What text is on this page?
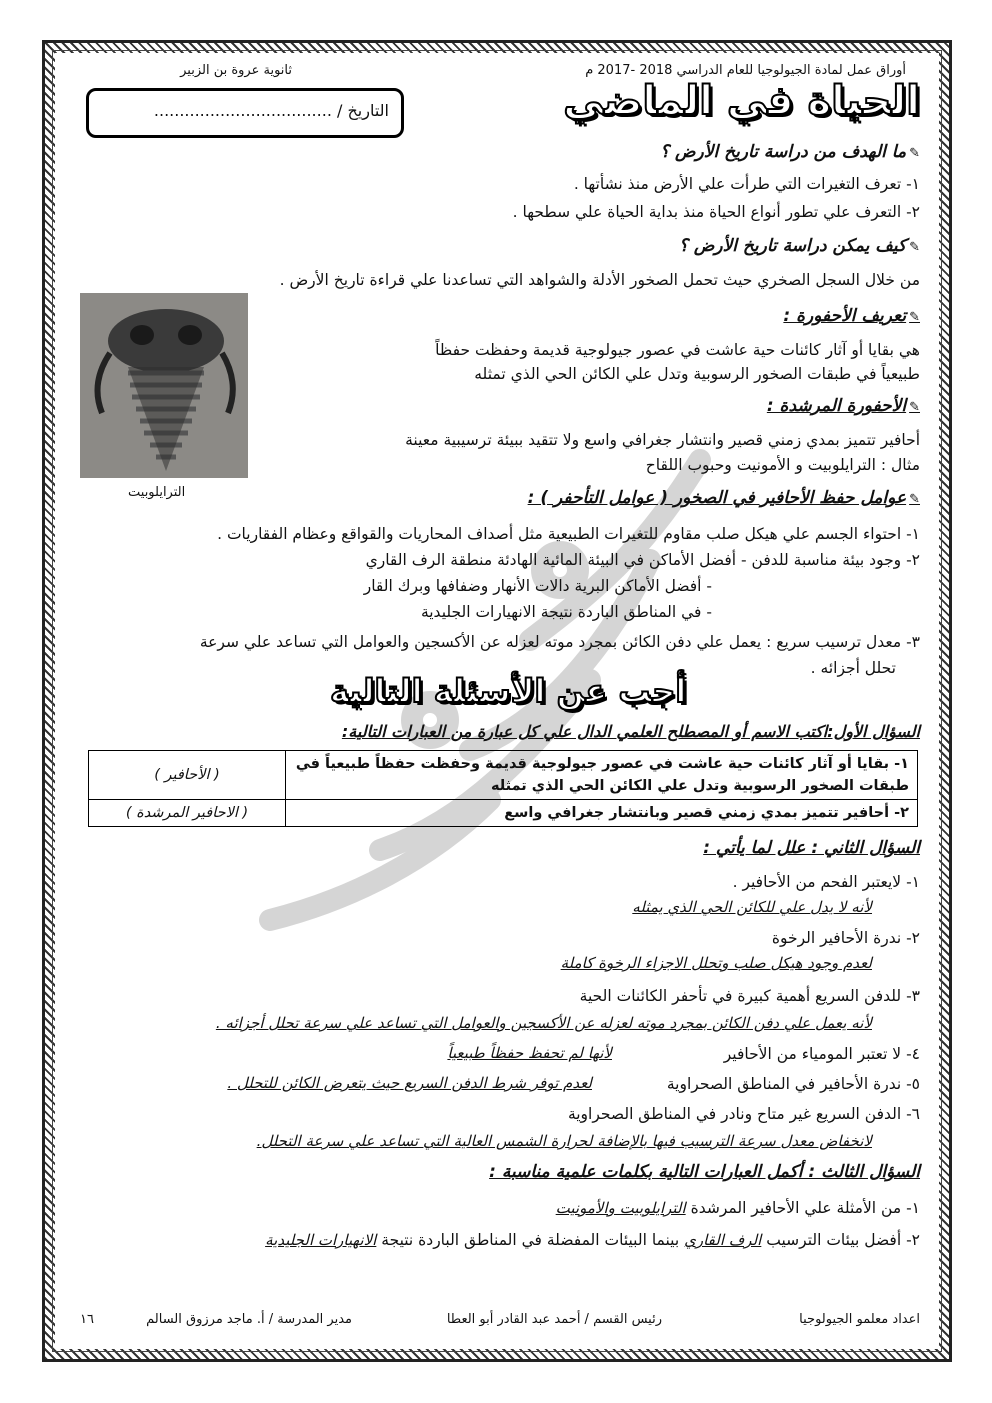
ثانوية عروة بن الزبير	أوراق عمل لمادة الجيولوجيا للعام الدراسي 2018 -2017 م
الحياة في الماضي
التاريخ / ...................................
✎ما الهدف من دراسة تاريخ الأرض ؟
١- تعرف التغيرات التي طرأت علي الأرض منذ نشأتها .
٢- التعرف علي تطور أنواع الحياة منذ بداية الحياة علي سطحها .
✎كيف يمكن دراسة تاريخ الأرض ؟
من خلال السجل الصخري حيث تحمل الصخور الأدلة والشواهد التي تساعدنا علي قراءة تاريخ الأرض .
الترايلوبيت
✎تعريف الأحفورة :
هي بقايا أو آثار كائنات حية عاشت في عصور جيولوجية قديمة وحفظت حفظاً
طبيعياً في طبقات الصخور الرسوبية وتدل علي الكائن الحي الذي تمثله
✎الأحفورة المرشدة :
أحافير تتميز بمدي زمني قصير وانتشار جغرافي واسع ولا تتقيد ببيئة ترسيبية معينة
مثال : الترايلوبيت و الأمونيت وحبوب اللقاح
✎عوامل حفظ الأحافير في الصخور ( عوامل التأحفر ) :
١- احتواء الجسم علي هيكل صلب مقاوم للتغيرات الطبيعية مثل أصداف المحاريات والقواقع وعظام الفقاريات .
٢- وجود بيئة مناسبة للدفن - أفضل الأماكن في البيئة المائية الهادئة منطقة الرف القاري
- أفضل الأماكن البرية دالات الأنهار وضفافها وبرك القار
- في المناطق الباردة نتيجة الانهيارات الجليدية
٣- معدل ترسيب سريع : يعمل علي دفن الكائن بمجرد موته لعزله عن الأكسجين والعوامل التي تساعد علي سرعة
تحلل أجزائه .
أجب عن الأسئلة التالية
السؤال الأول:اكتب الاسم أو المصطلح العلمي الدال علي كل عبارة من العبارات التالية:
١- بقايا أو آثار كائنات حية عاشت في عصور جيولوجية قديمة وحفظت حفظاً طبيعياً في طبقات الصخور الرسوبية وتدل علي الكائن الحي الذي تمثله	( الأحافير )
٢- أحافير تتميز بمدي زمني قصير وبانتشار جغرافي واسع	( الاحافير المرشدة )
السؤال الثاني : علل لما يأتي :
١- لايعتبر الفحم من الأحافير .
لأنه لا يدل علي للكائن الحي الذي يمثله
٢- ندرة الأحافير الرخوة
لعدم وجود هيكل صلب وتحلل الاجزاء الرخوة كاملة
٣- للدفن السريع أهمية كبيرة في تأحفر الكائنات الحية
لأنه يعمل علي دفن الكائن بمجرد موته لعزله عن الأكسجين والعوامل التي تساعد علي سرعة تحلل أجزائه .
٤- لا تعتبر المومياء من الأحافير
لأنها لم تحفظ حفظاً طبيعياً
٥- ندرة الأحافير في المناطق الصحراوية
لعدم توفر شرط الدفن السريع حيث يتعرض الكائن للتحلل .
٦- الدفن السريع غير متاح ونادر في المناطق الصحراوية
لانخفاض معدل سرعة الترسيب فيها بالإضافة لحرارة الشمس العالية التي تساعد علي سرعة التحلل.
السؤال الثالث : أكمل العبارات التالية بكلمات علمية مناسبة :
١- من الأمثلة علي الأحافير المرشدة الترايلوبيت والأمونيت
٢- أفضل بيئات الترسيب الرف القاري بينما البيئات المفضلة في المناطق الباردة نتيجة الانهيارات الجليدية
اعداد معلمو الجيولوجيا
رئيس القسم / أحمد عبد القادر أبو العطا
مدير المدرسة / أ. ماجد مرزوق السالم
١٦
